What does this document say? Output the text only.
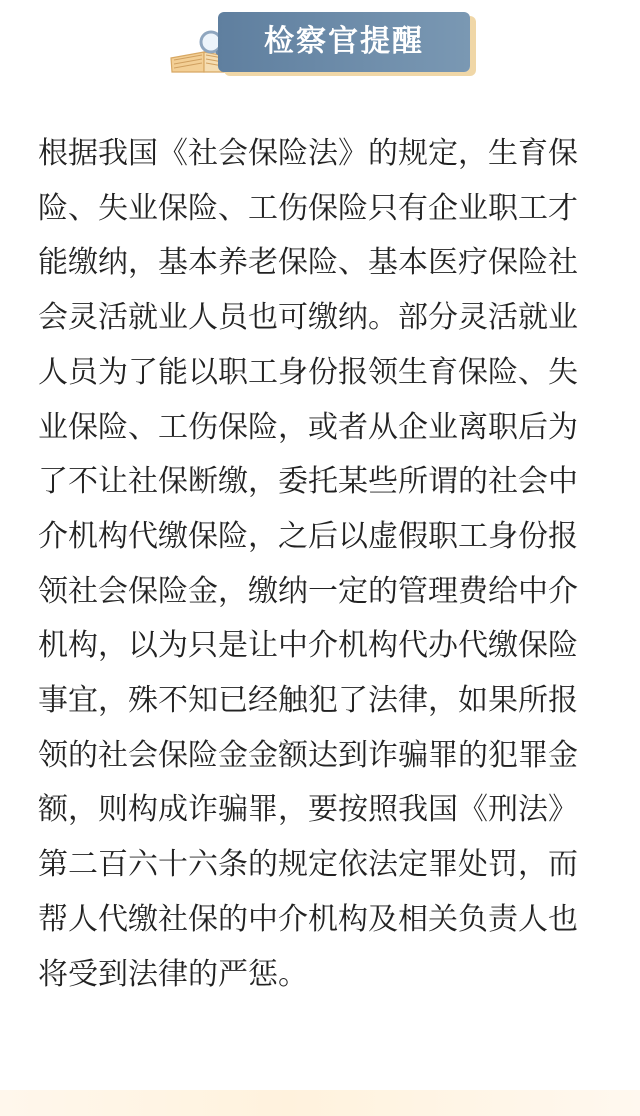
检察官提醒
根据我国《社会保险法》的规定，生育保
险、失业保险、工伤保险只有企业职工才
能缴纳，基本养老保险、基本医疗保险社
会灵活就业人员也可缴纳。部分灵活就业
人员为了能以职工身份报领生育保险、失
业保险、工伤保险，或者从企业离职后为
了不让社保断缴，委托某些所谓的社会中
介机构代缴保险，之后以虚假职工身份报
领社会保险金，缴纳一定的管理费给中介
机构，以为只是让中介机构代办代缴保险
事宜，殊不知已经触犯了法律，如果所报
领的社会保险金金额达到诈骗罪的犯罪金
额，则构成诈骗罪，要按照我国《刑法》
第二百六十六条的规定依法定罪处罚，而
帮人代缴社保的中介机构及相关负责人也
将受到法律的严惩。
